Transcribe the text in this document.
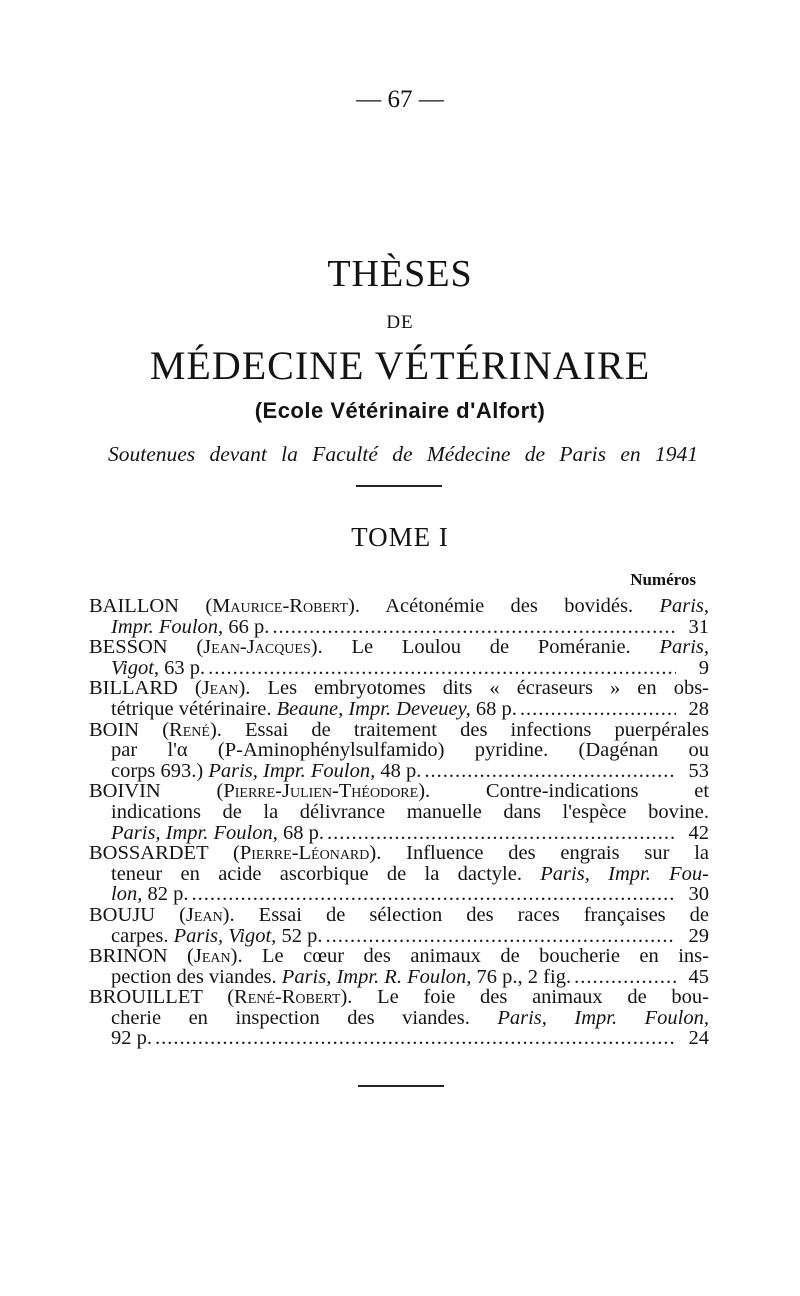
— 67 —
THÈSES
DE
MÉDECINE VÉTÉRINAIRE
(Ecole Vétérinaire d'Alfort)
Soutenues devant la Faculté de Médecine de Paris en 1941
TOME I
Numéros
BAILLON (Maurice-Robert). Acétonémie des bovidés. Paris,
Impr. Foulon,
66 p. .....	31
BESSON (Jean-Jacques). Le Loulou de Poméranie. Paris,
Vigot,
63 p. .....	9
BILLARD (Jean). Les embryotomes dits « écraseurs » en obs-
tétrique vétérinaire.
Beaune, Impr. Deveuey,
68 p. .....	28
BOIN (René). Essai de traitement des infections puerpérales
par l'α (P-Aminophénylsulfamido) pyridine. (Dagénan ou
corps 693.)
Paris, Impr. Foulon,
48 p. .....	53
BOIVIN	(Pierre-Julien-Théodore).	Contre-indications et
indications de la délivrance manuelle dans l'espèce bovine.
Paris, Impr. Foulon,
68 p. .....	42
BOSSARDET (Pierre-Léonard). Influence des engrais sur la
teneur en acide ascorbique de la dactyle. Paris, Impr. Fou-
lon,
82 p. .....	30
BOUJU (Jean). Essai de sélection des races françaises de
carpes.
Paris, Vigot,
52 p. .....	29
BRINON (Jean). Le cœur des animaux de boucherie en ins-
pection des viandes.
Paris, Impr. R. Foulon,
76 p., 2 fig. .....	45
BROUILLET (René-Robert). Le foie des animaux de bou-
cherie en inspection des viandes. Paris, Impr. Foulon,
92 p. .....	24
